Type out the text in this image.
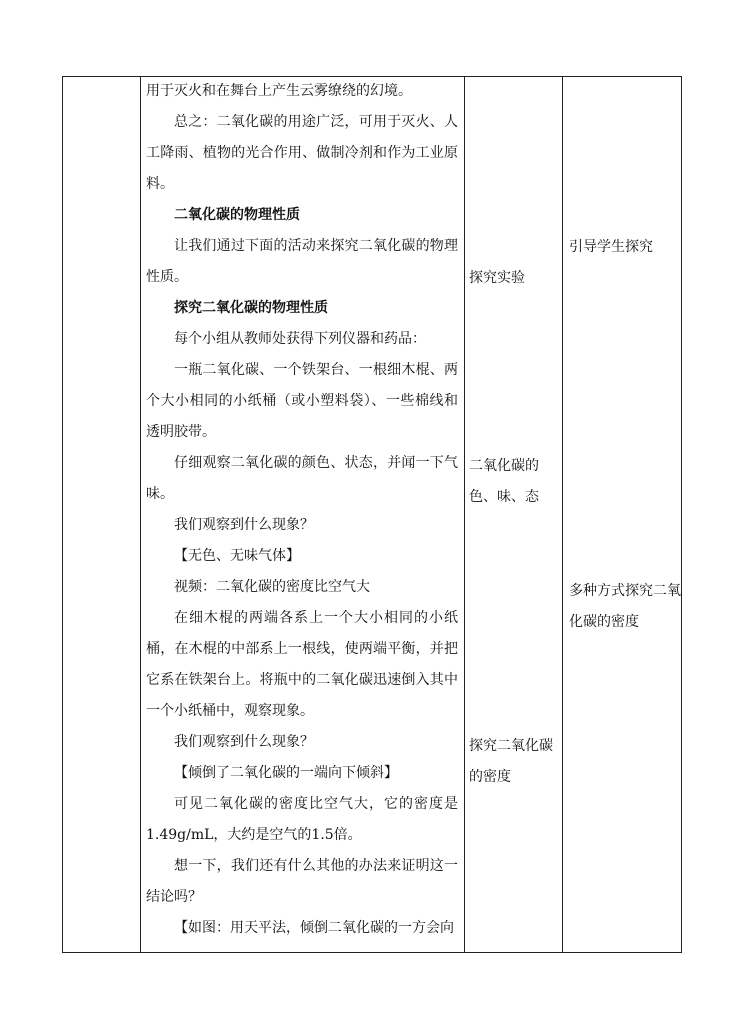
用于灭火和在舞台上产生云雾缭绕的幻境。

总之：二氧化碳的用途广泛，可用于灭火、人工降雨、植物的光合作用、做制冷剂和作为工业原料。

二氧化碳的物理性质

让我们通过下面的活动来探究二氧化碳的物理性质。

探究二氧化碳的物理性质

每个小组从教师处获得下列仪器和药品：

一瓶二氧化碳、一个铁架台、一根细木棍、两个大小相同的小纸桶（或小塑料袋）、一些棉线和透明胶带。

仔细观察二氧化碳的颜色、状态，并闻一下气味。

我们观察到什么现象？

【无色、无味气体】

视频：二氧化碳的密度比空气大

在细木棍的两端各系上一个大小相同的小纸桶，在木棍的中部系上一根线，使两端平衡，并把它系在铁架台上。将瓶中的二氧化碳迅速倒入其中一个小纸桶中，观察现象。

我们观察到什么现象？

【倾倒了二氧化碳的一端向下倾斜】

可见二氧化碳的密度比空气大，它的密度是1.49g/mL，大约是空气的1.5倍。

想一下，我们还有什么其他的办法来证明这一结论吗？

【如图：用天平法，倾倒二氧化碳的一方会向

探究实验

二氧化碳的色、味、态

探究二氧化碳的密度

引导学生探究

多种方式探究二氧化碳的密度
